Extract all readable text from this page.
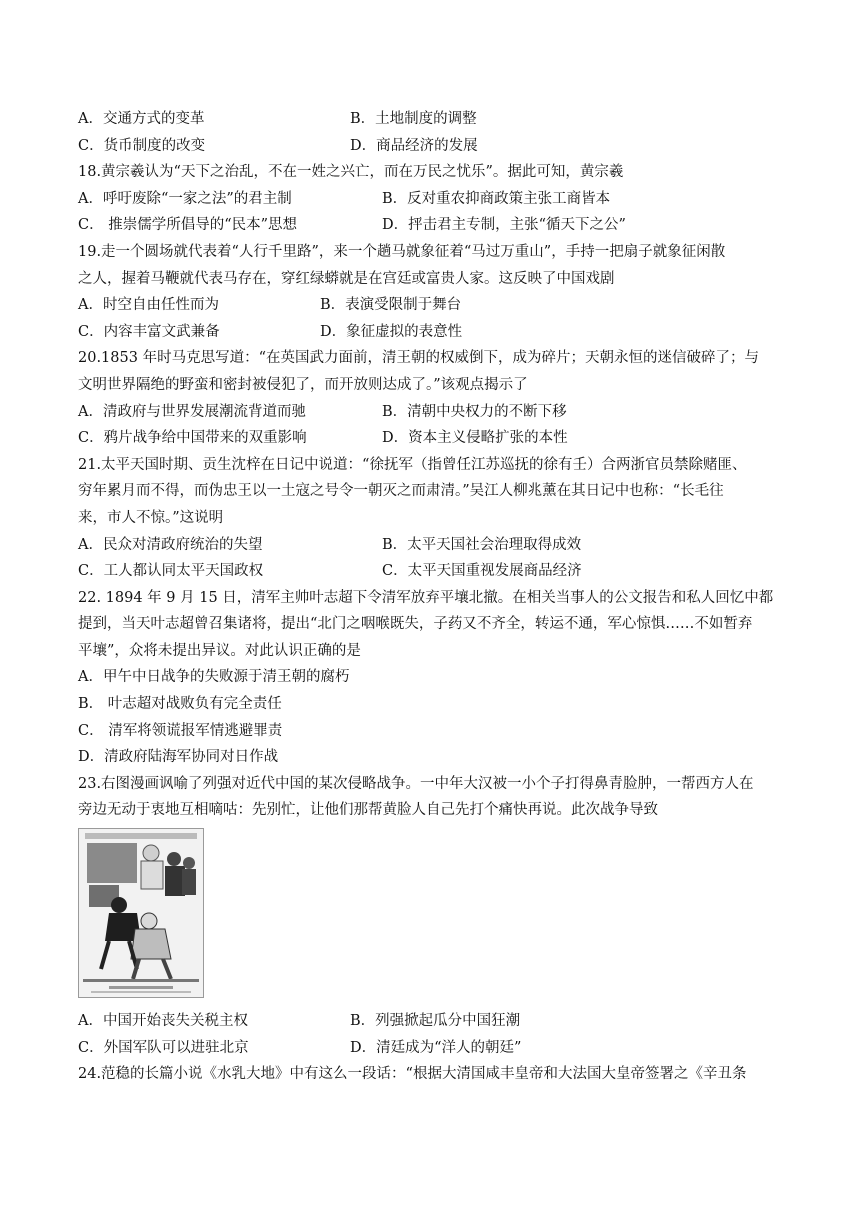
A．交通方式的变革	B．土地制度的调整
C．货币制度的改变	D．商品经济的发展
18.黄宗羲认为“天下之治乱，不在一姓之兴亡，而在万民之忧乐”。据此可知，黄宗羲
A．呼吁废除“一家之法”的君主制	B．反对重农抑商政策主张工商皆本
C． 推崇儒学所倡导的“民本”思想	D．抨击君主专制，主张“循天下之公”
19.走一个圆场就代表着“人行千里路”，来一个趟马就象征着“马过万重山”，手持一把扇子就象征闲散
之人，握着马鞭就代表马存在，穿红绿蟒就是在宫廷或富贵人家。这反映了中国戏剧
A．时空自由任性而为	B．表演受限制于舞台
C．内容丰富文武兼备	D．象征虚拟的表意性
20.1853 年时马克思写道：“在英国武力面前，清王朝的权威倒下，成为碎片；天朝永恒的迷信破碎了；与
文明世界隔绝的野蛮和密封被侵犯了，而开放则达成了。”该观点揭示了
A．清政府与世界发展潮流背道而驰	B．清朝中央权力的不断下移
C．鸦片战争给中国带来的双重影响	D．资本主义侵略扩张的本性
21.太平天国时期、贡生沈梓在日记中说道：“徐抚军（指曾任江苏巡抚的徐有壬）合两浙官员禁除赌匪、
穷年累月而不得，而伪忠王以一土寇之号令一朝灭之而肃清。”吴江人柳兆薰在其日记中也称：“长毛往
来，市人不惊。”这说明
A．民众对清政府统治的失望	B．太平天国社会治理取得成效
C．工人都认同太平天国政权	C．太平天国重视发展商品经济
22. 1894 年 9 月 15 日，清军主帅叶志超下令清军放弃平壤北撤。在相关当事人的公文报告和私人回忆中都
提到，当天叶志超曾召集诸将，提出“北门之咽喉既失，子药又不齐全，转运不通，军心惊惧……不如暂弃
平壤”，众将未提出异议。对此认识正确的是
A．甲午中日战争的失败源于清王朝的腐朽
B． 叶志超对战败负有完全责任
C． 清军将领谎报军情逃避罪责
D．清政府陆海军协同对日作战
23.右图漫画讽喻了列强对近代中国的某次侵略战争。一中年大汉被一小个子打得鼻青脸肿，一帮西方人在
旁边无动于衷地互相嘀咕：先别忙，让他们那帮黄脸人自己先打个痛快再说。此次战争导致
A．中国开始丧失关税主权	B．列强掀起瓜分中国狂潮
C．外国军队可以进驻北京	D．清廷成为“洋人的朝廷”
24.范稳的长篇小说《水乳大地》中有这么一段话：“根据大清国咸丰皇帝和大法国大皇帝签署之《辛丑条
